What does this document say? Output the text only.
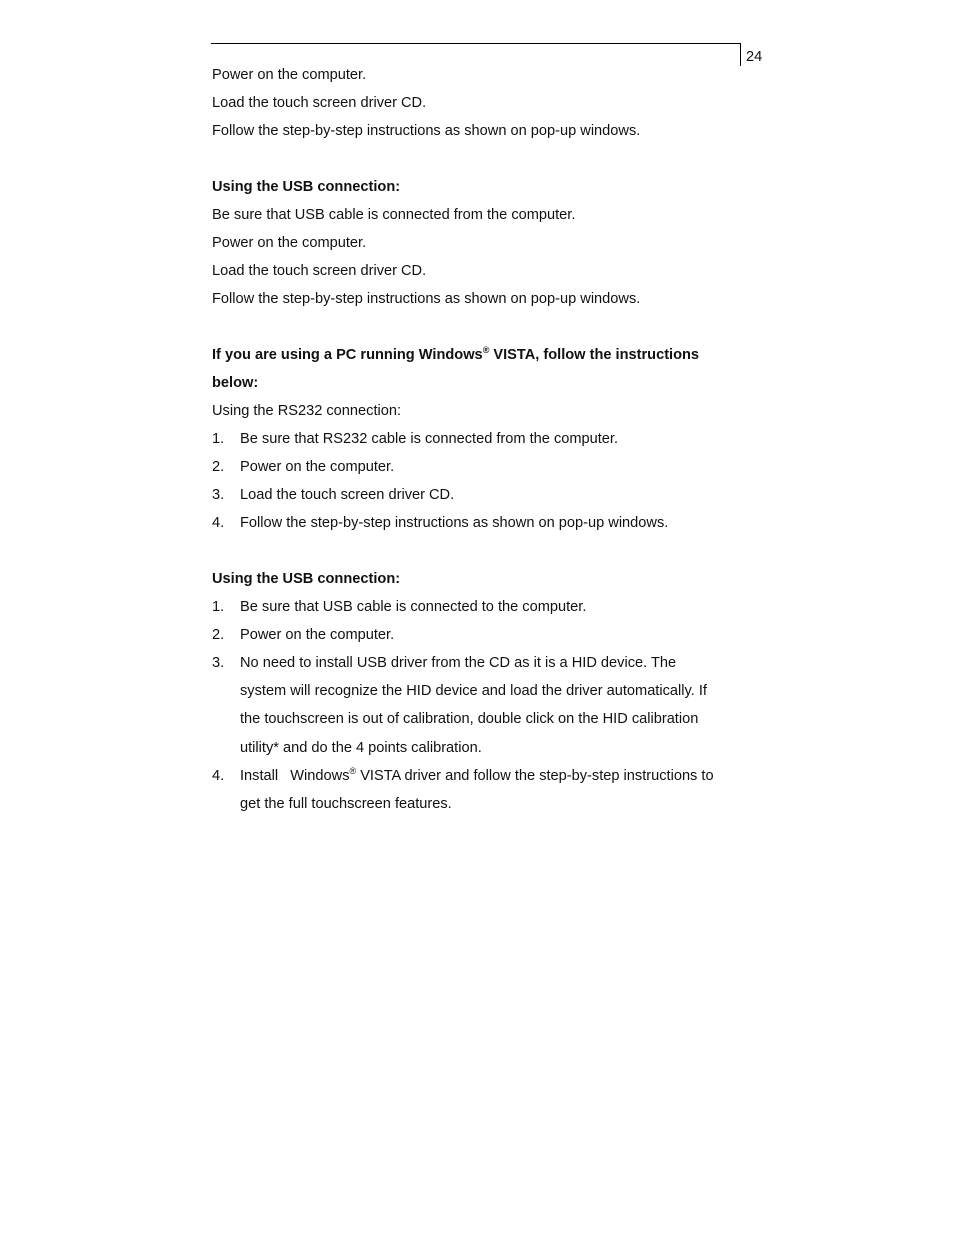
24
Power on the computer.
Load the touch screen driver CD.
Follow the step-by-step instructions as shown on pop-up windows.
Using the USB connection:
Be sure that USB cable is connected from the computer.
Power on the computer.
Load the touch screen driver CD.
Follow the step-by-step instructions as shown on pop-up windows.
If you are using a PC running Windows® VISTA, follow the instructions
below:
Using the RS232 connection:
1. Be sure that RS232 cable is connected from the computer.
2. Power on the computer.
3. Load the touch screen driver CD.
4. Follow the step-by-step instructions as shown on pop-up windows.
Using the USB connection:
1. Be sure that USB cable is connected to the computer.
2. Power on the computer.
3. No need to install USB driver from the CD as it is a HID device. The
system will recognize the HID device and load the driver automatically. If
the touchscreen is out of calibration, double click on the HID calibration
utility* and do the 4 points calibration.
4. Install   Windows® VISTA driver and follow the step-by-step instructions to
get the full touchscreen features.
